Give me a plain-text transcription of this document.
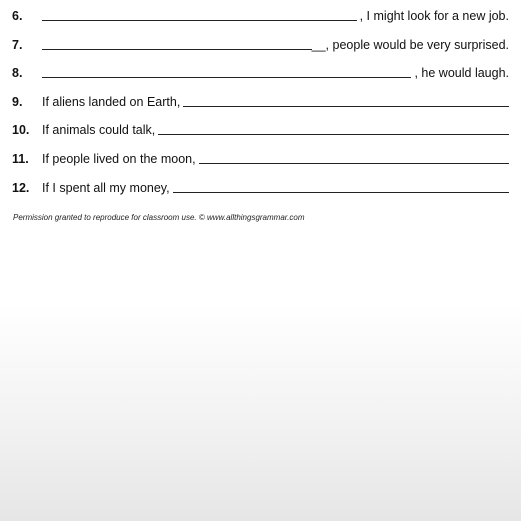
6.	, I might look for a new job.
7.	__, people would be very surprised.
8.	, he would laugh.
9.	If aliens landed on Earth,
10.	If animals could talk,
11.	If people lived on the moon,
12.	If I spent all my money,
Permission granted to reproduce for classroom use. © www.allthingsgrammar.com
